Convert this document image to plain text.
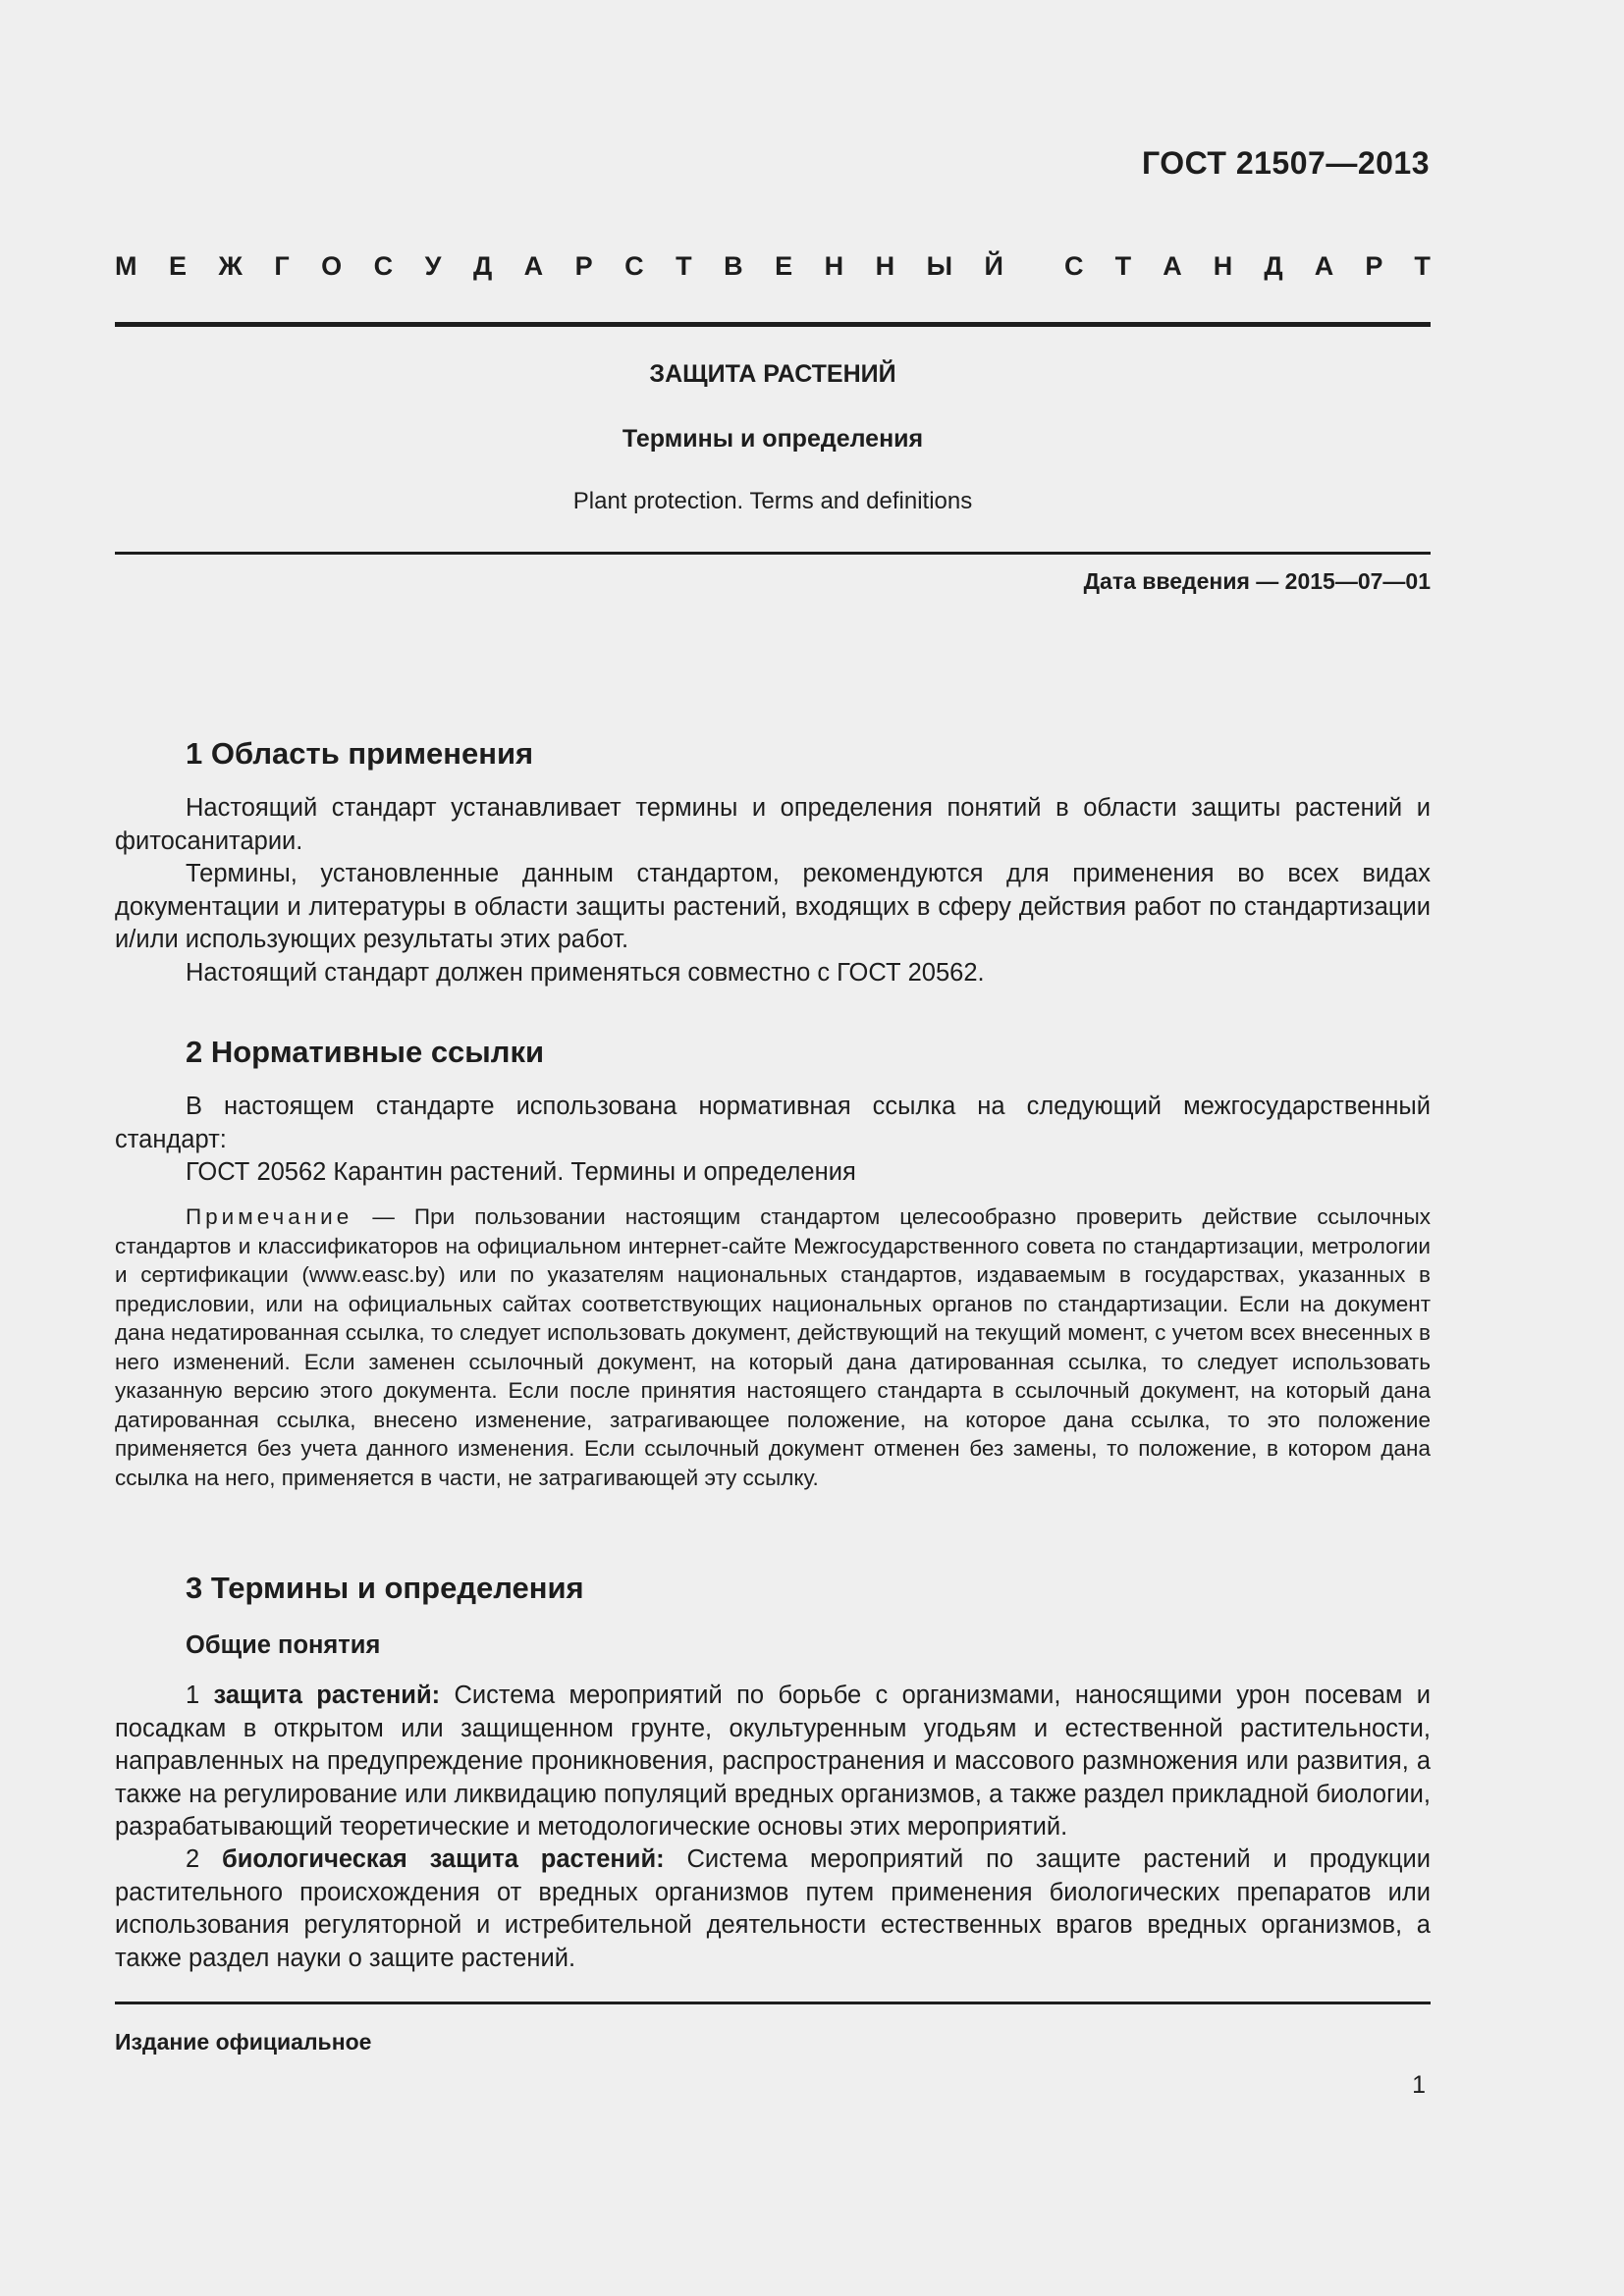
ГОСТ 21507—2013
М Е Ж Г О С У Д А Р С Т В Е Н Н Ы Й С Т А Н Д А Р Т
ЗАЩИТА РАСТЕНИЙ
Термины и определения
Plant protection. Terms and definitions
Дата введения — 2015—07—01
1 Область применения

Настоящий стандарт устанавливает термины и определения понятий в области защиты растений и фитосанитарии.

Термины, установленные данным стандартом, рекомендуются для применения во всех видах документации и литературы в области защиты растений, входящих в сферу действия работ по стандартизации и/или использующих результаты этих работ.

Настоящий стандарт должен применяться совместно с ГОСТ 20562.

2 Нормативные ссылки

В настоящем стандарте использована нормативная ссылка на следующий межгосударственный стандарт:

ГОСТ 20562 Карантин растений. Термины и определения

Примечание — При пользовании настоящим стандартом целесообразно проверить действие ссылочных стандартов и классификаторов на официальном интернет-сайте Межгосударственного совета по стандартизации, метрологии и сертификации (www.easc.by) или по указателям национальных стандартов, издаваемым в государствах, указанных в предисловии, или на официальных сайтах соответствующих национальных органов по стандартизации. Если на документ дана недатированная ссылка, то следует использовать документ, действующий на текущий момент, с учетом всех внесенных в него изменений. Если заменен ссылочный документ, на который дана датированная ссылка, то следует использовать указанную версию этого документа. Если после принятия настоящего стандарта в ссылочный документ, на который дана датированная ссылка, внесено изменение, затрагивающее положение, на которое дана ссылка, то это положение применяется без учета данного изменения. Если ссылочный документ отменен без замены, то положение, в котором дана ссылка на него, применяется в части, не затрагивающей эту ссылку.

3 Термины и определения
Общие понятия

1 защита растений: Система мероприятий по борьбе с организмами, наносящими урон посевам и посадкам в открытом или защищенном грунте, окультуренным угодьям и естественной растительности, направленных на предупреждение проникновения, распространения и массового размножения или развития, а также на регулирование или ликвидацию популяций вредных организмов, а также раздел прикладной биологии, разрабатывающий теоретические и методологические основы этих мероприятий.

2 биологическая защита растений: Система мероприятий по защите растений и продукции растительного происхождения от вредных организмов путем применения биологических препаратов или использования регуляторной и истребительной деятельности естественных врагов вредных организмов, а также раздел науки о защите растений.

Издание официальное
1
